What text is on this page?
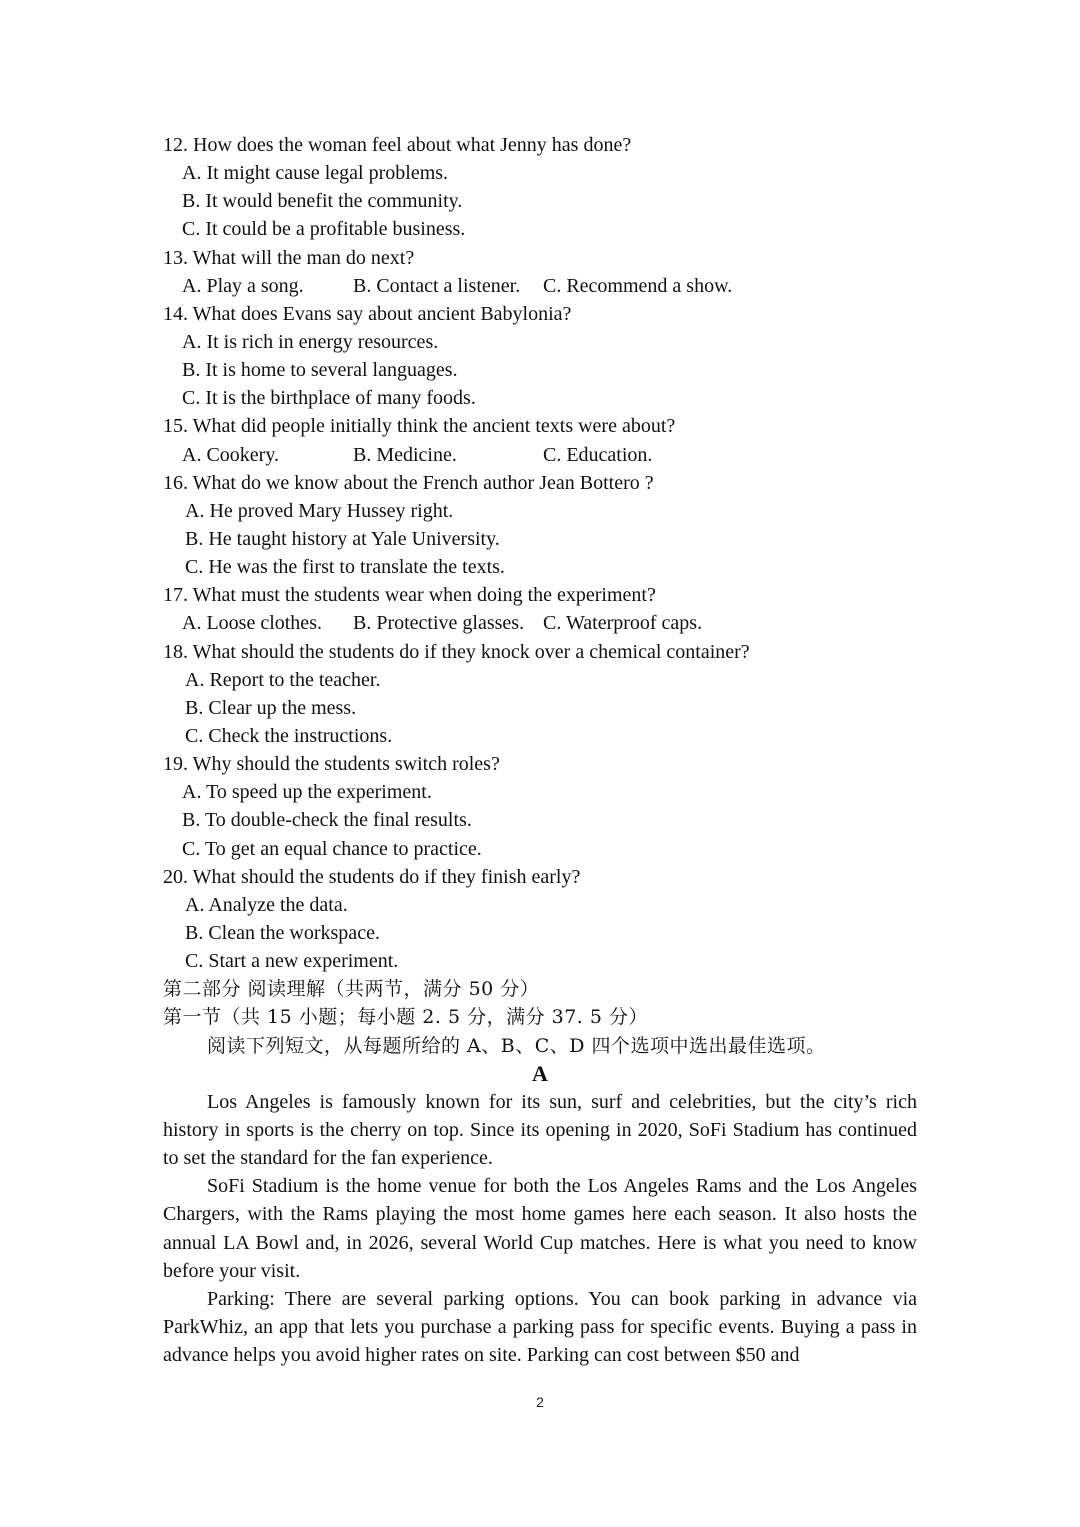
12. How does the woman feel about what Jenny has done?
A. It might cause legal problems.
B. It would benefit the community.
C. It could be a profitable business.
13. What will the man do next?
A. Play a song.	B. Contact a listener.	C. Recommend a show.
14. What does Evans say about ancient Babylonia?
A. It is rich in energy resources.
B. It is home to several languages.
C. It is the birthplace of many foods.
15. What did people initially think the ancient texts were about?
A. Cookery.	B. Medicine.	C. Education.
16. What do we know about the French author Jean Bottero ?
A. He proved Mary Hussey right.
B. He taught history at Yale University.
C. He was the first to translate the texts.
17. What must the students wear when doing the experiment?
A. Loose clothes.	B. Protective glasses. C. Waterproof caps.
18. What should the students do if they knock over a chemical container?
A. Report to the teacher.
B. Clear up the mess.
C. Check the instructions.
19. Why should the students switch roles?
A. To speed up the experiment.
B. To double-check the final results.
C. To get an equal chance to practice.
20. What should the students do if they finish early?
A. Analyze the data.
B. Clean the workspace.
C. Start a new experiment.
第二部分 阅读理解（共两节，满分 50 分）
第一节（共 15 小题；每小题 2. 5 分，满分 37. 5 分）
阅读下列短文，从每题所给的 A、B、C、D 四个选项中选出最佳选项。
A

Los Angeles is famously known for its sun, surf and celebrities, but the city’s rich history in sports is the cherry on top. Since its opening in 2020, SoFi Stadium has continued to set the standard for the fan experience.

SoFi Stadium is the home venue for both the Los Angeles Rams and the Los Angeles Chargers, with the Rams playing the most home games here each season. It also hosts the annual LA Bowl and, in 2026, several World Cup matches. Here is what you need to know before your visit.

Parking: There are several parking options. You can book parking in advance via ParkWhiz, an app that lets you purchase a parking pass for specific events. Buying a pass in advance helps you avoid higher rates on site. Parking can cost between $50 and

2
